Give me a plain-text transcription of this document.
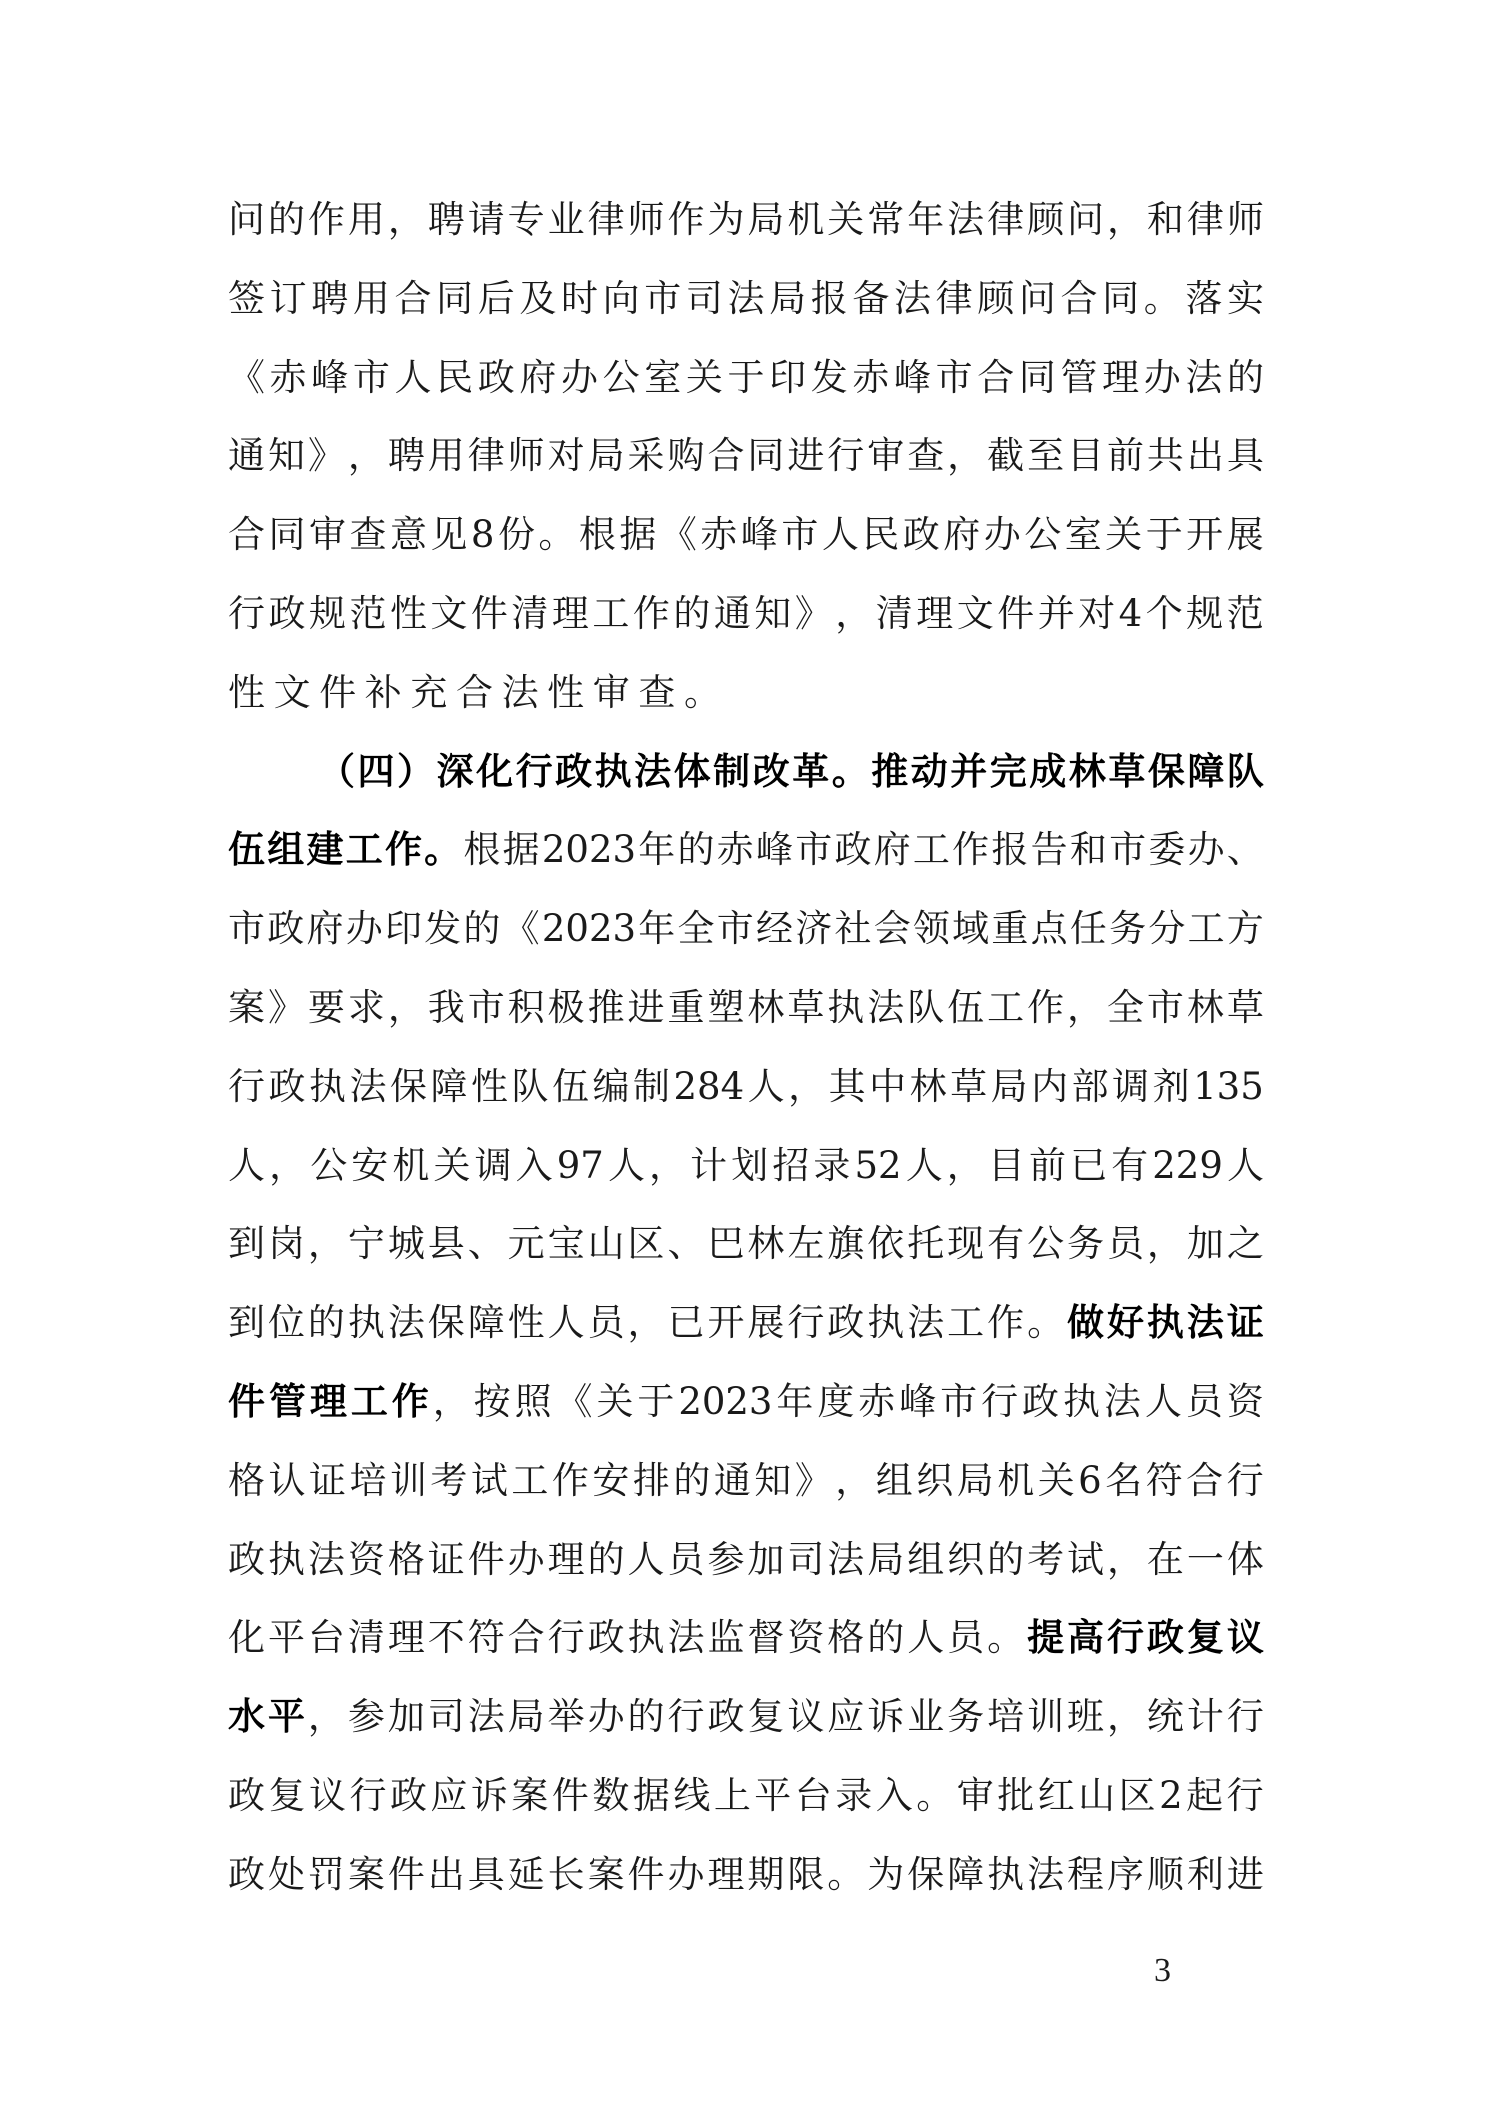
问 的 作 用 ， 聘 请 专 业 律 师 作 为 局 机 关 常 年 法 律 顾 问 ， 和 律 师
签 订 聘 用 合 同 后 及 时 向 市 司 法 局 报 备 法 律 顾 问 合 同 。 落 实
《 赤 峰 市 人 民 政 府 办 公 室 关 于 印 发 赤 峰 市 合 同 管 理 办 法 的
通 知 》 ， 聘 用 律 师 对 局 采 购 合 同 进 行 审 查 ， 截 至 目 前 共 出 具
合 同 审 查 意 见 8 份 。 根 据 《 赤 峰 市 人 民 政 府 办 公 室 关 于 开 展
行 政 规 范 性 文 件 清 理 工 作 的 通 知 》 ， 清 理 文 件 并 对 4 个 规 范
性 文 件 补 充 合 法 性 审 查 。
（ 四 ） 深 化 行 政 执 法 体 制 改 革 。 推 动 并 完 成 林 草 保 障 队
伍 组 建 工 作 。 根 据 2023 年 的 赤 峰 市 政 府 工 作 报 告 和 市 委 办 、
市 政 府 办 印 发 的 《 2023 年 全 市 经 济 社 会 领 域 重 点 任 务 分 工 方
案 》 要 求 ， 我 市 积 极 推 进 重 塑 林 草 执 法 队 伍 工 作 ， 全 市 林 草
行 政 执 法 保 障 性 队 伍 编 制 284 人 ， 其 中 林 草 局 内 部 调 剂 135
人 ， 公 安 机 关 调 入 97 人 ， 计 划 招 录 52 人 ， 目 前 已 有 229 人
到 岗 ， 宁 城 县 、 元 宝 山 区 、 巴 林 左 旗 依 托 现 有 公 务 员 ， 加 之
到 位 的 执 法 保 障 性 人 员 ， 已 开 展 行 政 执 法 工 作 。 做 好 执 法 证
件 管 理 工 作 ， 按 照 《 关 于 2023 年 度 赤 峰 市 行 政 执 法 人 员 资
格 认 证 培 训 考 试 工 作 安 排 的 通 知 》 ， 组 织 局 机 关 6 名 符 合 行
政 执 法 资 格 证 件 办 理 的 人 员 参 加 司 法 局 组 织 的 考 试 ， 在 一 体
化 平 台 清 理 不 符 合 行 政 执 法 监 督 资 格 的 人 员 。 提 高 行 政 复 议
水 平 ， 参 加 司 法 局 举 办 的 行 政 复 议 应 诉 业 务 培 训 班 ， 统 计 行
政 复 议 行 政 应 诉 案 件 数 据 线 上 平 台 录 入 。 审 批 红 山 区 2 起 行
政 处 罚 案 件 出 具 延 长 案 件 办 理 期 限 。 为 保 障 执 法 程 序 顺 利 进
3
